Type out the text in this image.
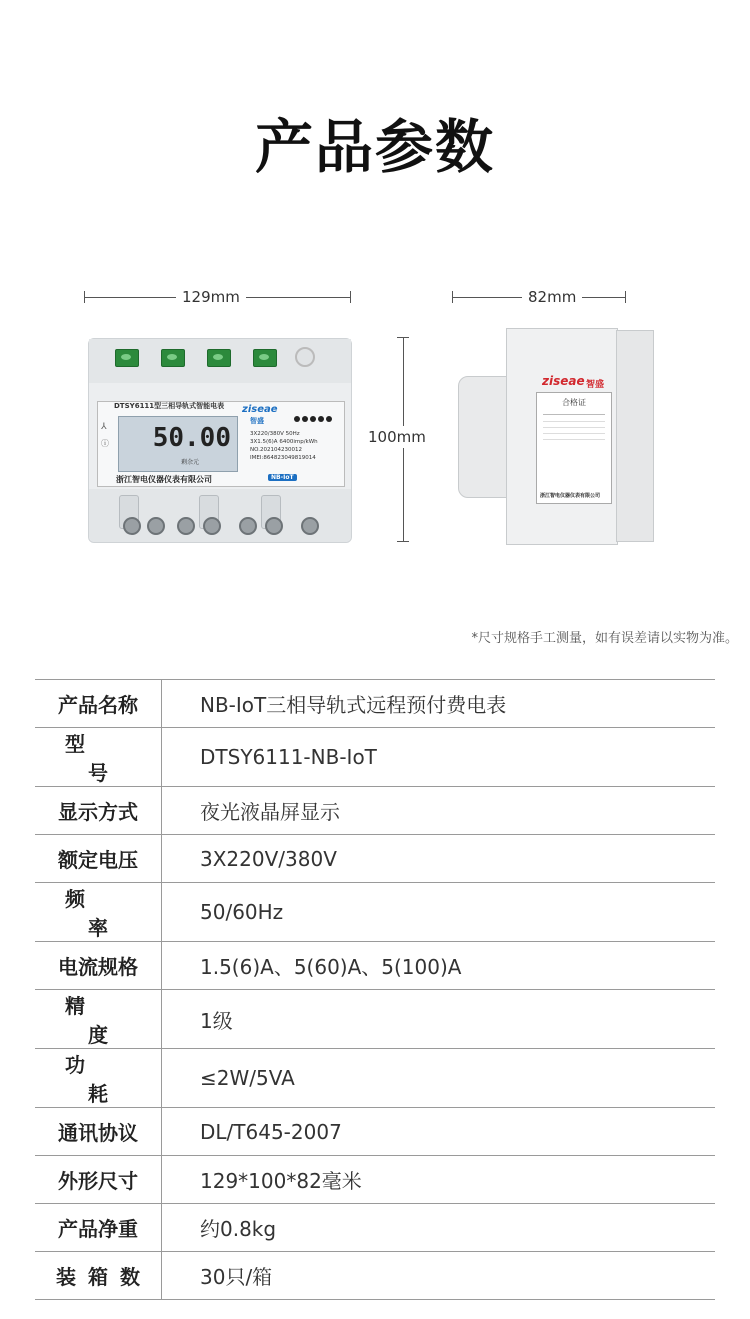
产品参数
129mm	82mm
100mm
DTSY6111型三相导轨式智能电表
50.00
剩余元
⅄
ⓘ
ziseae
智盛
3X220/380V 50Hz
3X1.5(6)A 6400imp/kWh
NO.202104230012
IMEI:864823049819014
浙江智电仪器仪表有限公司	NB-IoT
ziseae 智盛
合格证
浙江智电仪器仪表有限公司
*尺寸规格手工测量，如有误差请以实物为准。
产品名称	NB-IoT三相导轨式远程预付费电表
型号	DTSY6111-NB-IoT
显示方式	夜光液晶屏显示
额定电压	3X220V/380V
频率	50/60Hz
电流规格	1.5(6)A、5(60)A、5(100)A
精度	1级
功耗	≤2W/5VA
通讯协议	DL/T645-2007
外形尺寸	129*100*82毫米
产品净重	约0.8kg
装箱数	30只/箱
